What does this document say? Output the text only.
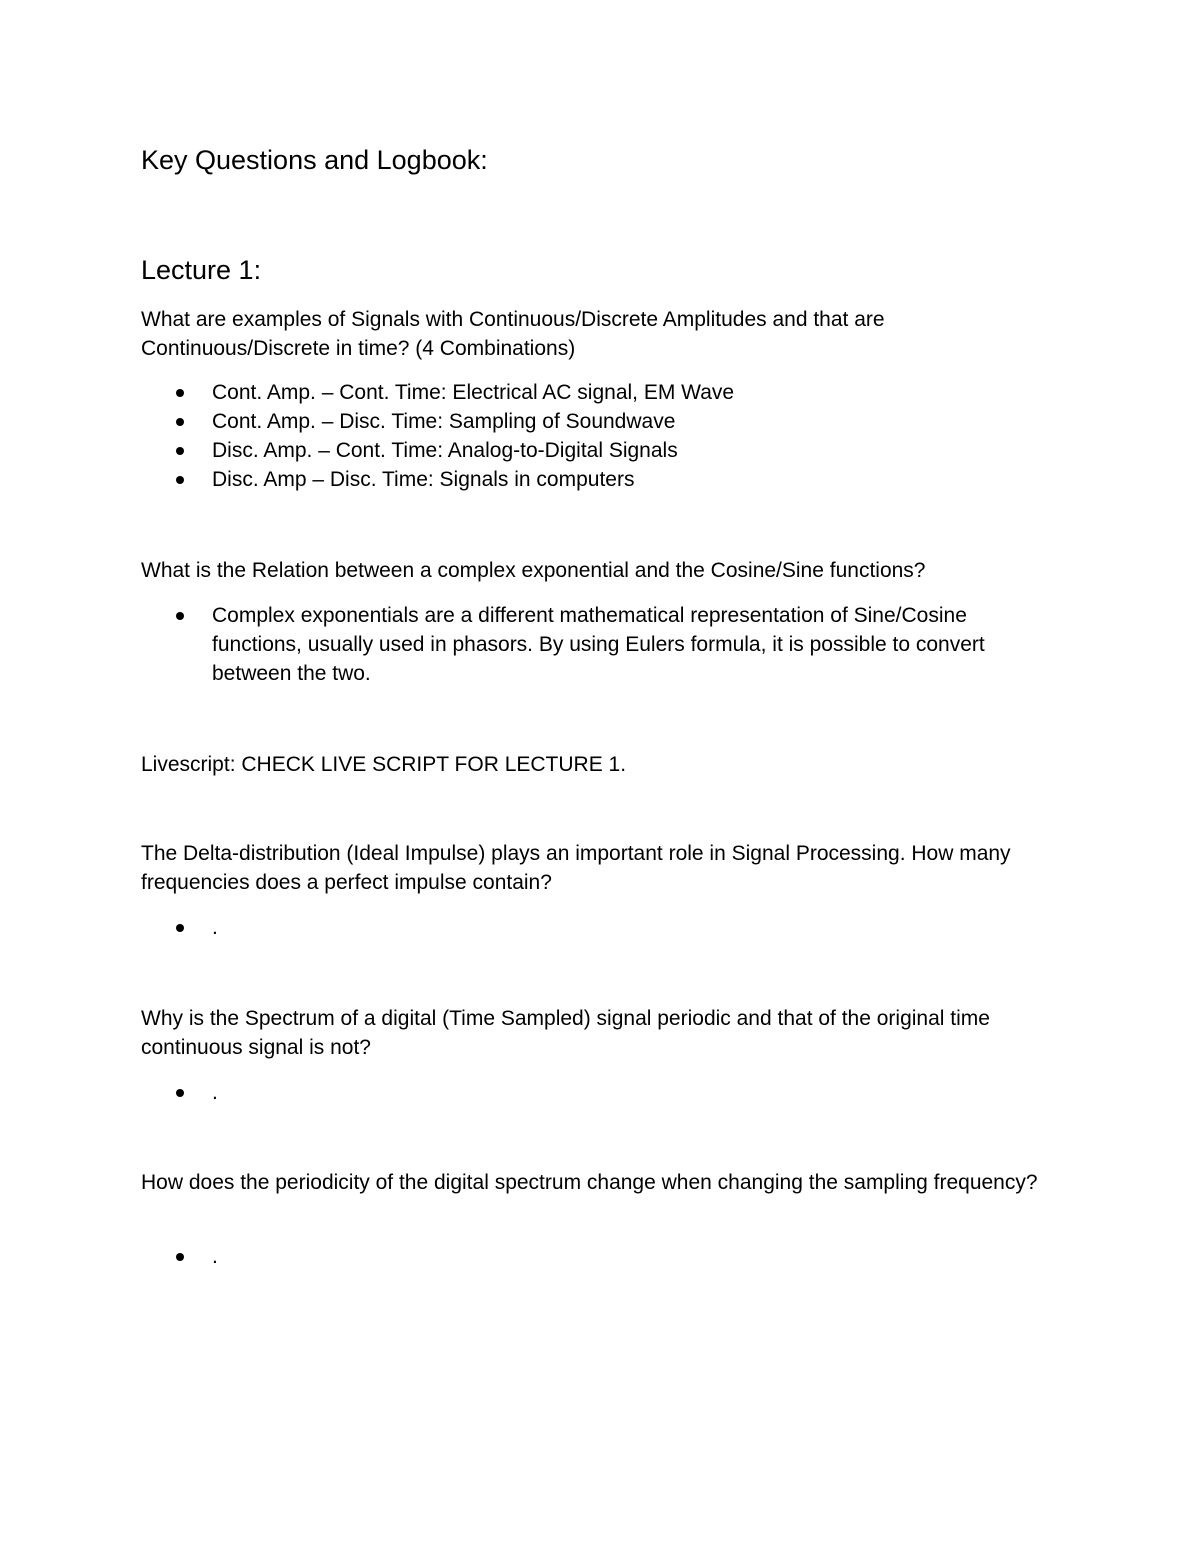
Key Questions and Logbook:
Lecture 1:
What are examples of Signals with Continuous/Discrete Amplitudes and that are Continuous/Discrete in time? (4 Combinations)
Cont. Amp. – Cont. Time: Electrical AC signal, EM Wave
Cont. Amp. – Disc. Time: Sampling of Soundwave
Disc. Amp. – Cont. Time: Analog-to-Digital Signals
Disc. Amp – Disc. Time: Signals in computers
What is the Relation between a complex exponential and the Cosine/Sine functions?
Complex exponentials are a different mathematical representation of Sine/Cosine functions, usually used in phasors. By using Eulers formula, it is possible to convert between the two.
Livescript: CHECK LIVE SCRIPT FOR LECTURE 1.
The Delta-distribution (Ideal Impulse) plays an important role in Signal Processing. How many frequencies does a perfect impulse contain?
.
Why is the Spectrum of a digital (Time Sampled) signal periodic and that of the original time continuous signal is not?
.
How does the periodicity of the digital spectrum change when changing the sampling frequency?
.
